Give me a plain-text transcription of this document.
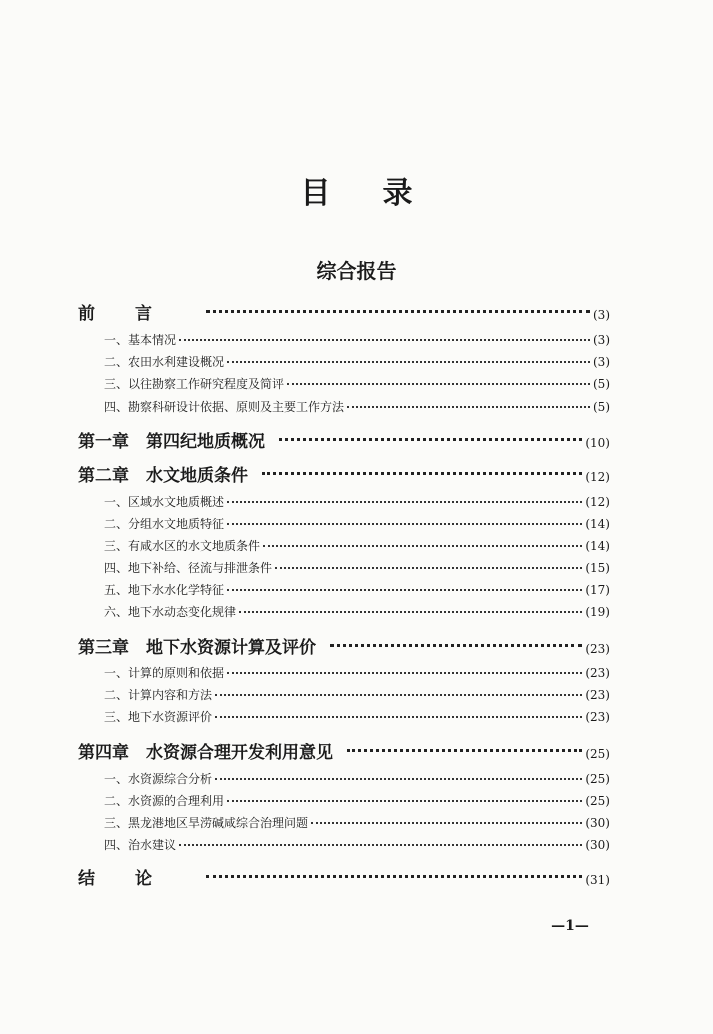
目录
综合报告
前言	(3)
一、基本情况	(3)
二、农田水利建设概况	(3)
三、以往勘察工作研究程度及简评	(5)
四、勘察科研设计依据、原则及主要工作方法	(5)
第一章　第四纪地质概况	(10)
第二章　水文地质条件	(12)
一、区域水文地质概述	(12)
二、分组水文地质特征	(14)
三、有咸水区的水文地质条件	(14)
四、地下补给、径流与排泄条件	(15)
五、地下水水化学特征	(17)
六、地下水动态变化规律	(19)
第三章　地下水资源计算及评价	(23)
一、计算的原则和依据	(23)
二、计算内容和方法	(23)
三、地下水资源评价	(23)
第四章　水资源合理开发利用意见	(25)
一、水资源综合分析	(25)
二、水资源的合理利用	(25)
三、黑龙港地区旱涝碱咸综合治理问题	(30)
四、治水建议	(30)
结论	(31)
—1—
